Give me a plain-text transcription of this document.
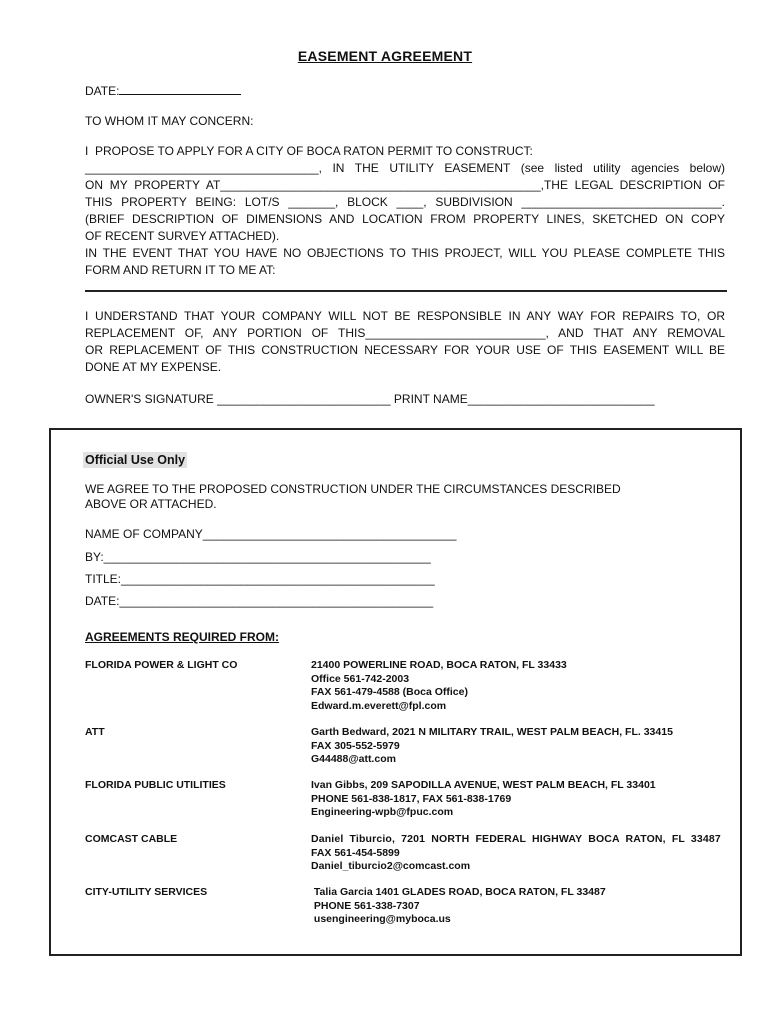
EASEMENT AGREEMENT
DATE:
TO WHOM IT MAY CONCERN:
I  PROPOSE TO APPLY FOR A CITY OF BOCA RATON PERMIT TO CONSTRUCT:
___________________________________, IN THE UTILITY EASEMENT (see listed utility agencies below)
ON MY PROPERTY AT________________________________________________,THE LEGAL DESCRIPTION OF
THIS PROPERTY BEING: LOT/S _______, BLOCK ____, SUBDIVISION ______________________________.
(BRIEF DESCRIPTION OF DIMENSIONS AND LOCATION FROM PROPERTY LINES, SKETCHED ON COPY
OF RECENT SURVEY ATTACHED).
IN THE EVENT THAT YOU HAVE NO OBJECTIONS TO THIS PROJECT, WILL YOU PLEASE COMPLETE THIS
FORM AND RETURN IT TO ME AT:
I UNDERSTAND THAT YOUR COMPANY WILL NOT BE RESPONSIBLE IN ANY WAY FOR REPAIRS TO, OR
REPLACEMENT OF, ANY PORTION OF THIS___________________________, AND THAT ANY REMOVAL
OR REPLACEMENT OF THIS CONSTRUCTION NECESSARY FOR YOUR USE OF THIS EASEMENT WILL BE
DONE AT MY EXPENSE.
OWNER'S SIGNATURE __________________________ PRINT NAME____________________________
Official Use Only
WE AGREE TO THE PROPOSED CONSTRUCTION UNDER THE CIRCUMSTANCES DESCRIBED
ABOVE OR ATTACHED.
NAME OF COMPANY______________________________________
BY:_________________________________________________
TITLE:_______________________________________________
DATE:_______________________________________________
AGREEMENTS REQUIRED FROM:
FLORIDA POWER & LIGHT CO	21400 POWERLINE ROAD, BOCA RATON, FL 33433
Office 561-742-2003
FAX 561-479-4588 (Boca Office)
Edward.m.everett@fpl.com
ATT	Garth Bedward, 2021 N MILITARY TRAIL, WEST PALM BEACH, FL. 33415
FAX 305-552-5979
G44488@att.com
FLORIDA PUBLIC UTILITIES	Ivan Gibbs, 209 SAPODILLA AVENUE, WEST PALM BEACH, FL 33401
PHONE 561-838-1817, FAX 561-838-1769
Engineering-wpb@fpuc.com
COMCAST CABLE	Daniel  Tiburcio,  7201  NORTH  FEDERAL  HIGHWAY  BOCA  RATON,  FL  33487
FAX 561-454-5899
Daniel_tiburcio2@comcast.com
CITY-UTILITY SERVICES	Talia Garcia 1401 GLADES ROAD, BOCA RATON, FL 33487
PHONE 561-338-7307
usengineering@myboca.us
